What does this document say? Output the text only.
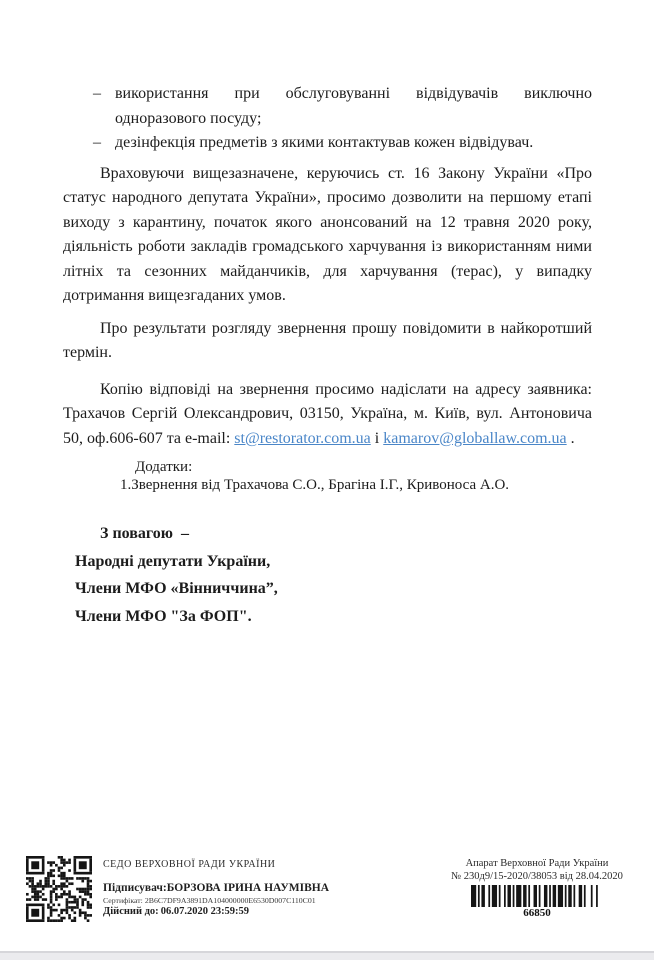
– використання при обслуговуванні відвідувачів виключно одноразового посуду;
– дезінфекція предметів з якими контактував кожен відвідувач.

Враховуючи вищезазначене, керуючись ст. 16 Закону України «Про статус народного депутата України», просимо дозволити на першому етапі виходу з карантину, початок якого анонсований на 12 травня 2020 року, діяльність роботи закладів громадського харчування із використанням ними літніх та сезонних майданчиків, для харчування (терас), у випадку дотримання вищезгаданих умов.

Про результати розгляду звернення прошу повідомити в найкоротший термін.

Копію відповіді на звернення просимо надіслати на адресу заявника: Трахачов Сергій Олександрович, 03150, Україна, м. Київ, вул. Антоновича 50, оф.606-607 та e-mail: st@restorator.com.ua і kamarov@globallaw.com.ua .

Додатки:
1.Звернення від Трахачова С.О., Брагіна І.Г., Кривоноса А.О.
З повагою  –
Народні депутати України,
Члени МФО «Вінниччина”,
Члени МФО "За ФОП".
СЕДО ВЕРХОВНОЇ РАДИ УКРАЇНИ
Підписувач:БОРЗОВА ІРИНА НАУМІВНА
Сертифікат: 2B6C7DF9A3891DA104000000E6530D007C110C01
Дійсний до: 06.07.2020 23:59:59
Апарат Верховної Ради України
№ 230д9/15-2020/38053 від 28.04.2020
66850
